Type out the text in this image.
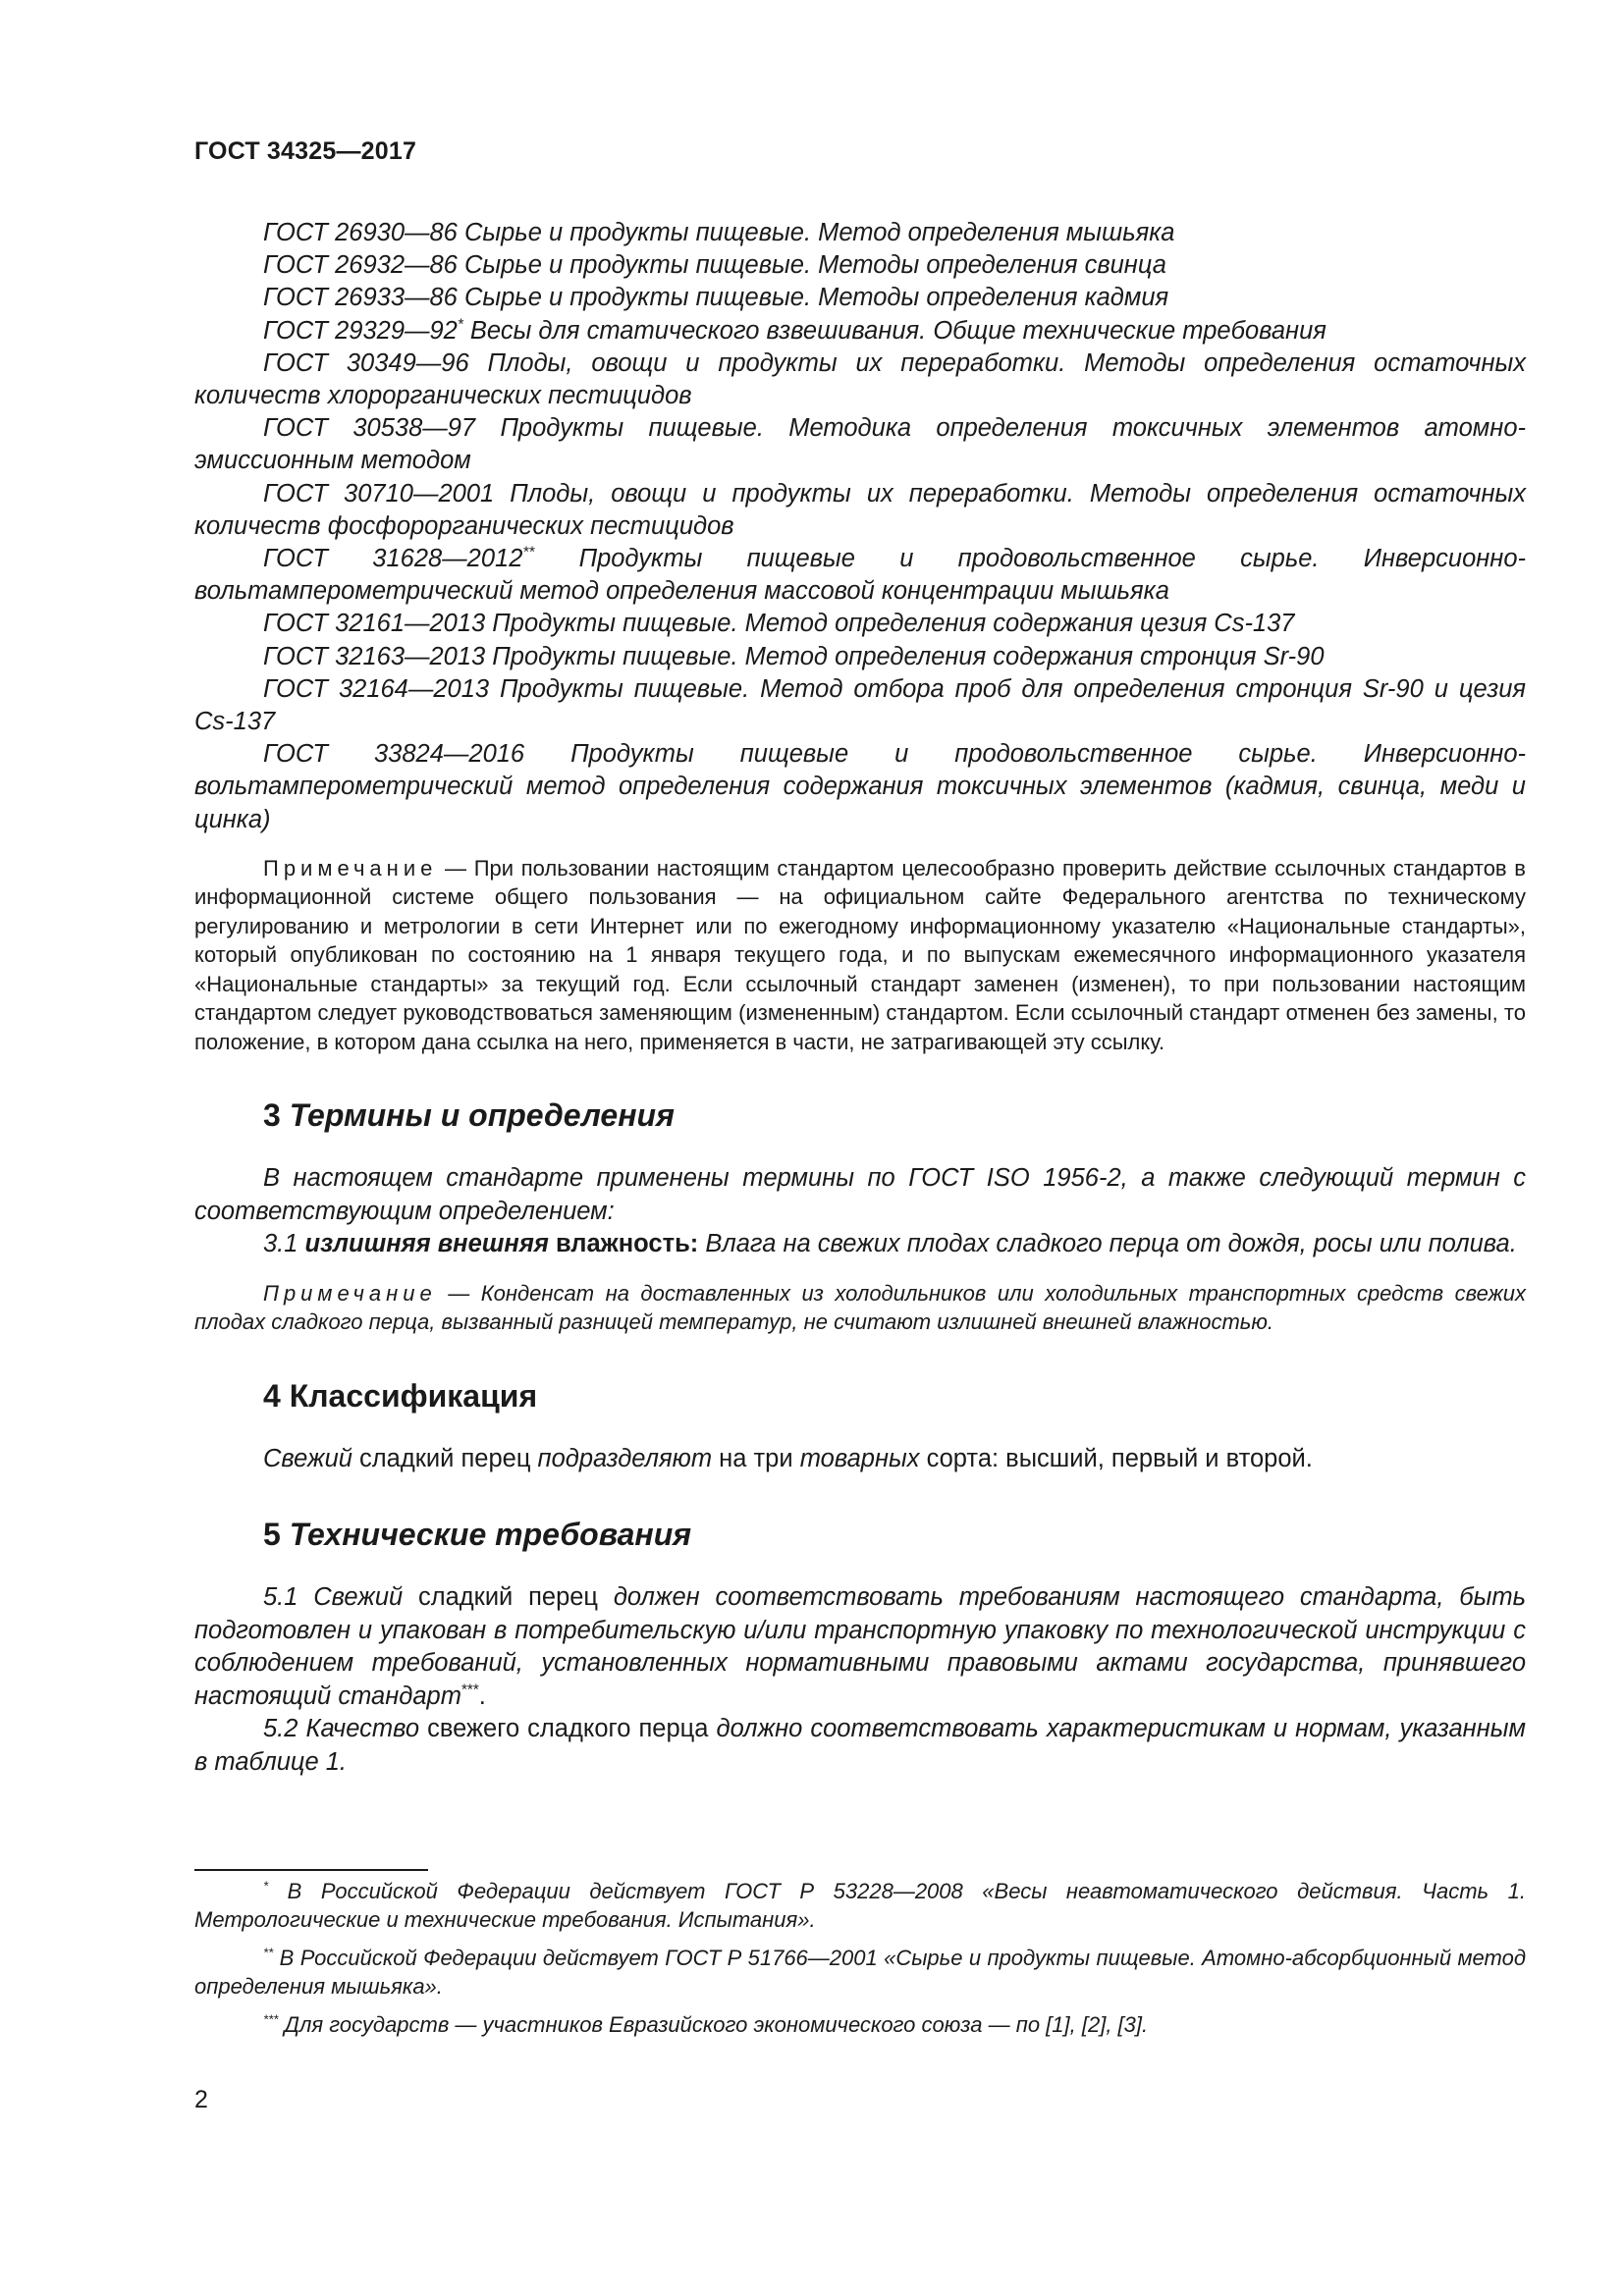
ГОСТ 34325—2017

ГОСТ 26930—86 Сырье и продукты пищевые. Метод определения мышьяка

ГОСТ 26932—86 Сырье и продукты пищевые. Методы определения свинца

ГОСТ 26933—86 Сырье и продукты пищевые. Методы определения кадмия

ГОСТ 29329—92* Весы для статического взвешивания. Общие технические требования

ГОСТ 30349—96 Плоды, овощи и продукты их переработки. Методы определения остаточных количеств хлорорганических пестицидов

ГОСТ 30538—97 Продукты пищевые. Методика определения токсичных элементов атомно-эмиссионным методом

ГОСТ 30710—2001 Плоды, овощи и продукты их переработки. Методы определения остаточных количеств фосфорорганических пестицидов

ГОСТ 31628—2012** Продукты пищевые и продовольственное сырье. Инверсионно-вольтамперометрический метод определения массовой концентрации мышьяка

ГОСТ 32161—2013 Продукты пищевые. Метод определения содержания цезия Cs-137

ГОСТ 32163—2013 Продукты пищевые. Метод определения содержания стронция Sr-90

ГОСТ 32164—2013 Продукты пищевые. Метод отбора проб для определения стронция Sr-90 и цезия Cs-137

ГОСТ 33824—2016 Продукты пищевые и продовольственное сырье. Инверсионно-вольтамперометрический метод определения содержания токсичных элементов (кадмия, свинца, меди и цинка)

Примечание — При пользовании настоящим стандартом целесообразно проверить действие ссылочных стандартов в информационной системе общего пользования — на официальном сайте Федерального агентства по техническому регулированию и метрологии в сети Интернет или по ежегодному информационному указателю «Национальные стандарты», который опубликован по состоянию на 1 января текущего года, и по выпускам ежемесячного информационного указателя «Национальные стандарты» за текущий год. Если ссылочный стандарт заменен (изменен), то при пользовании настоящим стандартом следует руководствоваться заменяющим (измененным) стандартом. Если ссылочный стандарт отменен без замены, то положение, в котором дана ссылка на него, применяется в части, не затрагивающей эту ссылку.
3 Термины и определения

В настоящем стандарте применены термины по ГОСТ ISO 1956-2, а также следующий термин с соответствующим определением:

3.1 излишняя внешняя влажность: Влага на свежих плодах сладкого перца от дождя, росы или полива.

Примечание — Конденсат на доставленных из холодильников или холодильных транспортных средств свежих плодах сладкого перца, вызванный разницей температур, не считают излишней внешней влажностью.
4 Классификация

Свежий сладкий перец подразделяют на три товарных сорта: высший, первый и второй.

5 Технические требования

5.1 Свежий сладкий перец должен соответствовать требованиям настоящего стандарта, быть подготовлен и упакован в потребительскую и/или транспортную упаковку по технологической инструкции с соблюдением требований, установленных нормативными правовыми актами государства, принявшего настоящий стандарт***.

5.2 Качество свежего сладкого перца должно соответствовать характеристикам и нормам, указанным в таблице 1.

* В Российской Федерации действует ГОСТ Р 53228—2008 «Весы неавтоматического действия. Часть 1. Метрологические и технические требования. Испытания».

** В Российской Федерации действует ГОСТ Р 51766—2001 «Сырье и продукты пищевые. Атомно-абсорбционный метод определения мышьяка».

*** Для государств — участников Евразийского экономического союза — по [1], [2], [3].

2
